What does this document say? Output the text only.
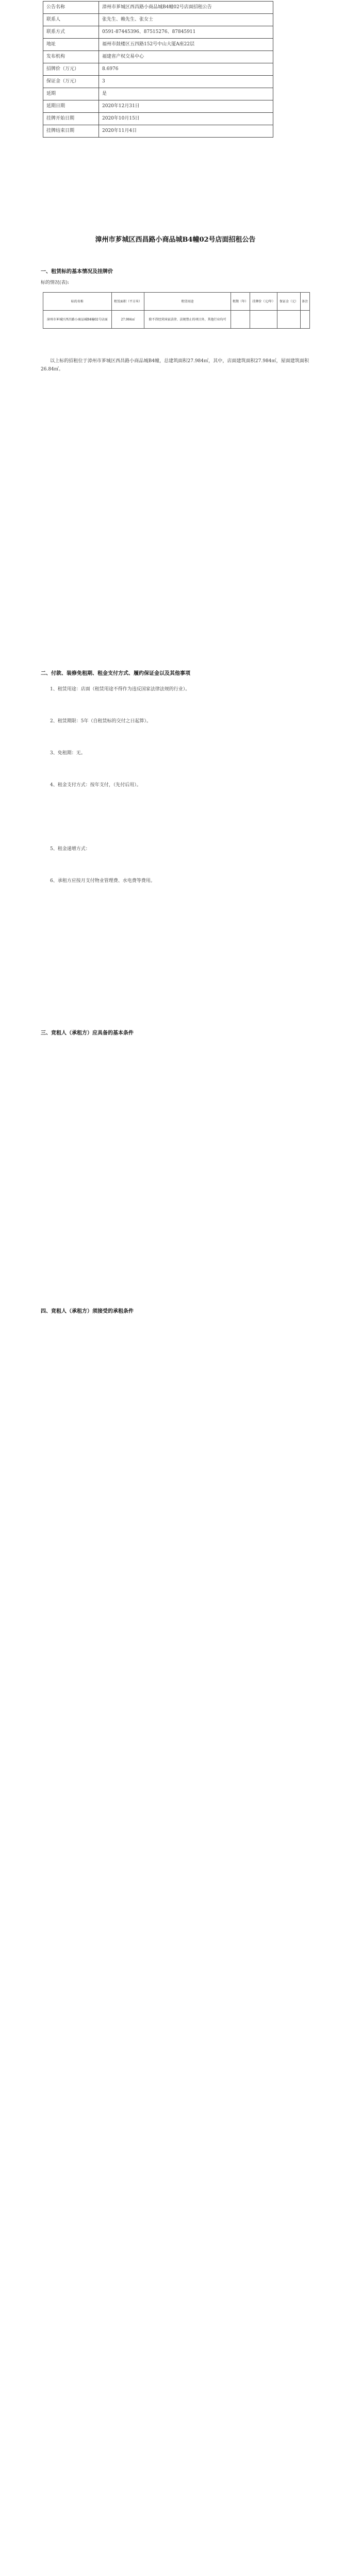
公告名称	漳州市芗城区西昌路小商品城B4幢02号店面招租公告
联系人	张先生、赖先生、张女士
联系方式	0591-87445396、87515276、87845911
地址	福州市鼓楼区五四路152号中山大厦A座22层
发布机构	福建省产权交易中心
招牌价（万元）	8.6976
保证金（万元）	3
延期	是
延期日期	2020年12月31日
挂牌开始日期	2020年10月15日
挂牌结束日期	2020年11月4日
漳州市芗城区西昌路小商品城B4幢02号店面招租公告
一、租赁标的基本情况及挂牌价
标的情况(表):
标的名称	租赁面积（平方米）	租赁用途	租期（年）	挂牌价（元/年）	保证金（元）	备注
漳州市芗城区西昌路小商品城B4幢02号店面	27.984㎡	除不得经营国家法律、法规禁止的项目外，其他行业均可				
以上标的招租位于漳州市芗城区西昌路小商品城B4幢，总建筑面积27.984㎡，其中，店面建筑面积27.984㎡，屋面建筑面积26.84㎡。
二、付款、装修免租期、租金支付方式、履约保证金以及其他事项
1、租赁用途：店面（租赁用途不得作为违反国家法律法规的行业）。
2、租赁期限：5年（自租赁标的交付之日起算）。
3、免租期：无。
4、租金支付方式：按年支付，（先付后用）。
5、租金递增方式：
6、承租方应按月支付物业管理费、水电费等费用。
三、竞租人（承租方）应具备的基本条件
四、竞租人（承租方）须接受的承租条件
